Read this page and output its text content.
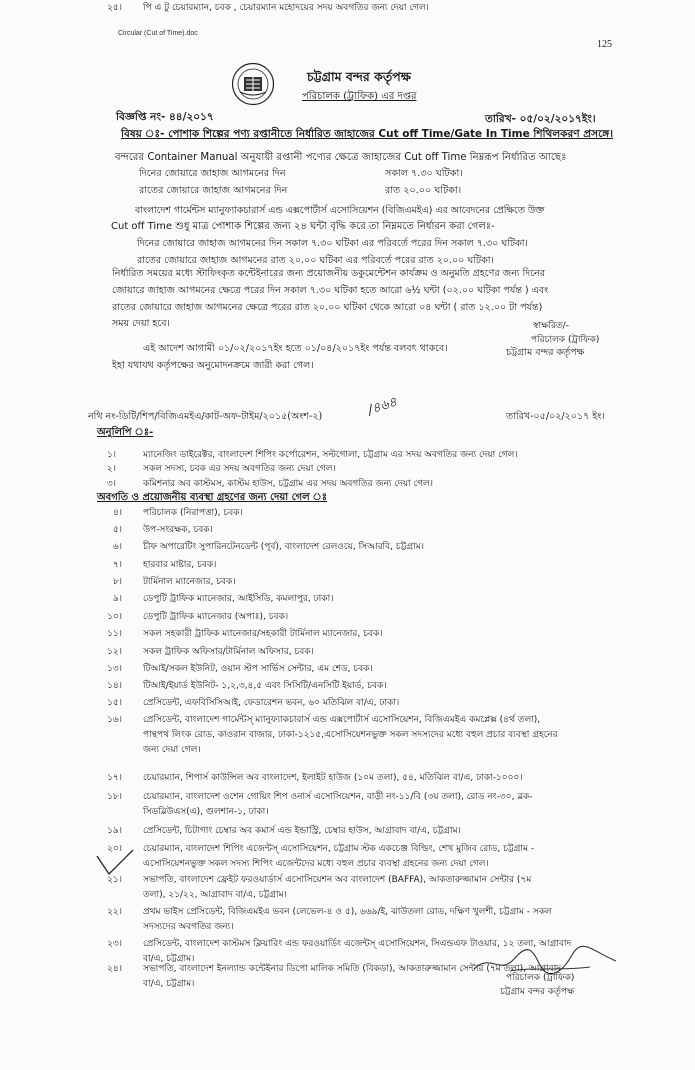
Circular (Cut of Time).doc
125
চট্টগ্রাম বন্দর কর্তৃপক্ষ
পরিচালক (ট্রাফিক) এর দপ্তর
বিজ্ঞপ্তি নং- ৪৪/২০১৭	তারিখ- ০৫/০২/২০১৭ইং।
বিষয় ঃ- পোশাক শিল্পের পণ্য রপ্তানীতে নির্ধারিত জাহাজের Cut off Time/Gate In Time শিথিলকরণ প্রসঙ্গে।
বন্দরের Container Manual অনুযায়ী রপ্তানী পণ্যের ক্ষেত্রে জাহাজের Cut off Time নিম্নরূপ নির্ধারিত আছেঃ
দিনের জোয়ারে জাহাজ আগমনের দিন	সকাল ৭.৩০ ঘটিকা।
রাতের জোয়ারে জাহাজ আগমনের দিন	রাত ২০.০০ ঘটিকা।
বাংলাদেশ গার্মেন্টস ম্যানুফ্যাকচারার্স এন্ড এক্সপোর্টার্স এসোসিয়েশন (বিজিএমইএ) এর আবেদনের প্রেক্ষিতে উক্ত
Cut off Time শুধু মাত্র পোশাক শিল্পের জন্য ২৪ ঘন্টা বৃদ্ধি করে তা নিম্নমতে নির্ধারন করা গেলঃ-
দিনের জোয়ারে জাহাজ আগমনের দিন সকাল ৭.৩০ ঘটিকা এর পরিবর্তে পরের দিন সকাল ৭.৩০ ঘটিকা।
রাতের জোয়ারে জাহাজ আগমনের রাত ২০.০০ ঘটিকা এর পরিবর্তে পরের রাত ২০.০০ ঘটিকা।
নির্ধারিত সময়ের মধ্যে স্টাফিংকৃত কন্টেইনারের জন্য প্রয়োজনীয় ডকুমেন্টেশন কার্যক্রম ও অনুমতি গ্রহণের জন্য দিনের
জোয়ারে জাহাজ আগমনের ক্ষেত্রে পরের দিন সকাল ৭.৩০ ঘটিকা হতে আরো ৬½ ঘন্টা (০২.০০ ঘটিকা পর্যন্ত ) এবং
রাতের জোয়ারে জাহাজ আগমনের ক্ষেত্রে পরের রাত ২০.০০ ঘটিকা থেকে আরো ০৪ ঘন্টা ( রাত ১২.০০ টা পর্যন্ত)
সময় দেয়া হবে।
এই আদেশ আগামী ০১/০২/২০১৭ইং হতে ০১/০৪/২০১৭ইং পর্যন্ত বলবৎ থাকবে।
ইহা যথাযথ কর্তৃপক্ষের অনুমোদনক্রমে জারী করা গেল।
স্বাক্ষরিত/-
পরিচালক (ট্রাফিক)
চট্টগ্রাম বন্দর কর্তৃপক্ষ
তারিখ-০৫/০২/২০১৭ ইং।
নথি নং-ডিটি/শিপ/বিজিএমইএ/কাট-অফ-টাইম/২০১৫(অংশ-২)	/৪৬৪
অনুলিপি ঃ-
১।	ম্যানেজিং ডাইরেক্টর, বাংলাদেশ শিপিং কর্পোরেশন, সল্টগোলা, চট্টগ্রাম এর সদয় অবগতির জন্য দেয়া গেল।
২।	সকল সদস্য, চবক এর সদয় অবগতির জন্য দেয়া গেল।
৩।	কমিশনার অব কাস্টমস, কাস্টম হাউস, চট্টগ্রাম এর সদয় অবগতির জন্য দেয়া গেল।
অবগতি ও প্রয়োজনীয় ব্যবস্থা গ্রহণের জন্য দেয়া গেল ঃ
৪। পরিচালক (নিরাপত্তা), চবক।
৫। উপ-সংরক্ষক, চবক।
৬। চীফ অপারেটিং সুপারিনটেনডেন্ট (পূর্ব), বাংলাদেশ রেলওয়ে, সিআরবি, চট্টগ্রাম।
৭। হারবার মাষ্টার, চবক।
৮। টার্মিনাল ম্যানেজার, চবক।
৯। ডেপুটি ট্রাফিক ম্যানেজার, আইসিডি, কমলাপুর, ঢাকা।
১০। ডেপুটি ট্রাফিক ম্যানেজার (অপাঃ), চবক।
১১। সকল সহকারী ট্রাফিক ম্যানেজার/সহকারী টার্মিনাল ম্যানেজার, চবক।
১২। সকল ট্রাফিক অফিসার/টার্মিনাল অফিসার, চবক।
১৩। টিআই/সকল ইউনিট, ওয়ান স্টপ সার্ভিস সেন্টার, এম শেড, চবক।
১৪। টিআই/ইয়ার্ড ইউনিট- ১,২,৩,৪,৫ এবং সিসিটি/এনসিটি ইয়ার্ড, চবক।
১৫। প্রেসিডেন্ট, এফবিসিসিআই, ফেডারেশন ভবন, ৬০ মতিঝিল বা/এ, ঢাকা।
১৬। প্রেসিডেন্ট, বাংলাদেশ গার্মেন্টস্ ম্যানুফ্যাকচারার্স এন্ড এক্সপোর্টার্স এসোসিয়েশন, বিজিএমইএ কমপ্লেক্স (৪র্থ তলা),
পান্থপথ লিংক রোড, কাওরান বাজার, ঢাকা-১২১৫,এসোসিয়েশনভুক্ত সকল সদস্যদের মধ্যে বহুল প্রচার ব্যবস্থা গ্রহনের
জন্য দেয়া গেল।
১৭। চেয়ারম্যান, শিপার্স কাউন্সিল অব বাংলাদেশ, ইলাইট হাউজ (১০ম তলা), ৫৪, মতিঝিল বা/এ, ঢাকা-১০০০।
১৮। চেয়ারম্যান, বাংলাদেশ ওশেন গোয়িং শিপ ওনার্স এসোসিয়েশন, বাড়ী নং-১১/বি (৩য় তলা), রোড নং-৩০, ব্লক-
সিডব্লিউএস(এ), গুলশান-১, ঢাকা।
১৯। প্রেসিডেন্ট, চিটাগাং চেম্বার অব কমার্স এন্ড ইন্ডাস্ট্রি, চেম্বার হাউস, আগ্রাবাদ বা/এ, চট্টগ্রাম।
২০। চেয়ারম্যান, বাংলাদেশ শিপিং এজেন্টস্ এসোসিয়েশন, চট্টগ্রাম স্টক একচেঞ্জ বিল্ডিং, শেখ মুজিব রোড, চট্টগ্রাম -
এসোসিয়েশনভুক্ত সকল সদস্য শিপিং এজেন্টদের মধ্যে বহুল প্রচার ব্যবস্থা গ্রহনের জন্য দেয়া গেল।
২১। সভাপতি, বাংলাদেশ ফ্রেইট ফরওয়ার্ডার্স এসোসিয়েশন অব বাংলাদেশ (BAFFA), আকতারুজ্জামান সেন্টার (৭ম
তলা), ২১/২২, আগ্রাবাদ বা/এ, চট্টগ্রাম।
২২। প্রথম ভাইস প্রেসিডেন্ট, বিজিএমইএ ভবন (লেভেল-৪ ও ৫), ৬৬৯/ই, ঝাউতলা রোড, দক্ষিণ খুলশী, চট্টগ্রাম - সকল
সদস্যদের অবগতির জন্য।
২৩। প্রেসিডেন্ট, বাংলাদেশ কাস্টমস ক্লিয়ারিং এন্ড ফরওয়ার্ডিং এজেন্টস্ এসোসিয়েশন, সিএন্ডএফ টাওয়ার, ১২ তলা, আগ্রাবাদ
বা/এ, চট্টগ্রাম।
২৪। সভাপতি, বাংলাদেশ ইনল্যান্ড কন্টেইনার ডিপো মালিক সমিতি (বিকডা), আকতারুজ্জামান সেন্টার (৭ম তলা), আগ্রাবাদ
বা/এ, চট্টগ্রাম।
২৫। পি এ টু চেয়ারম্যান, চবক , চেয়ারম্যান মহোদয়ের সদয় অবগতির জন্য দেয়া গেল।
পরিচালক (ট্রাফিক)
চট্টগ্রাম বন্দর কর্তৃপক্ষ
